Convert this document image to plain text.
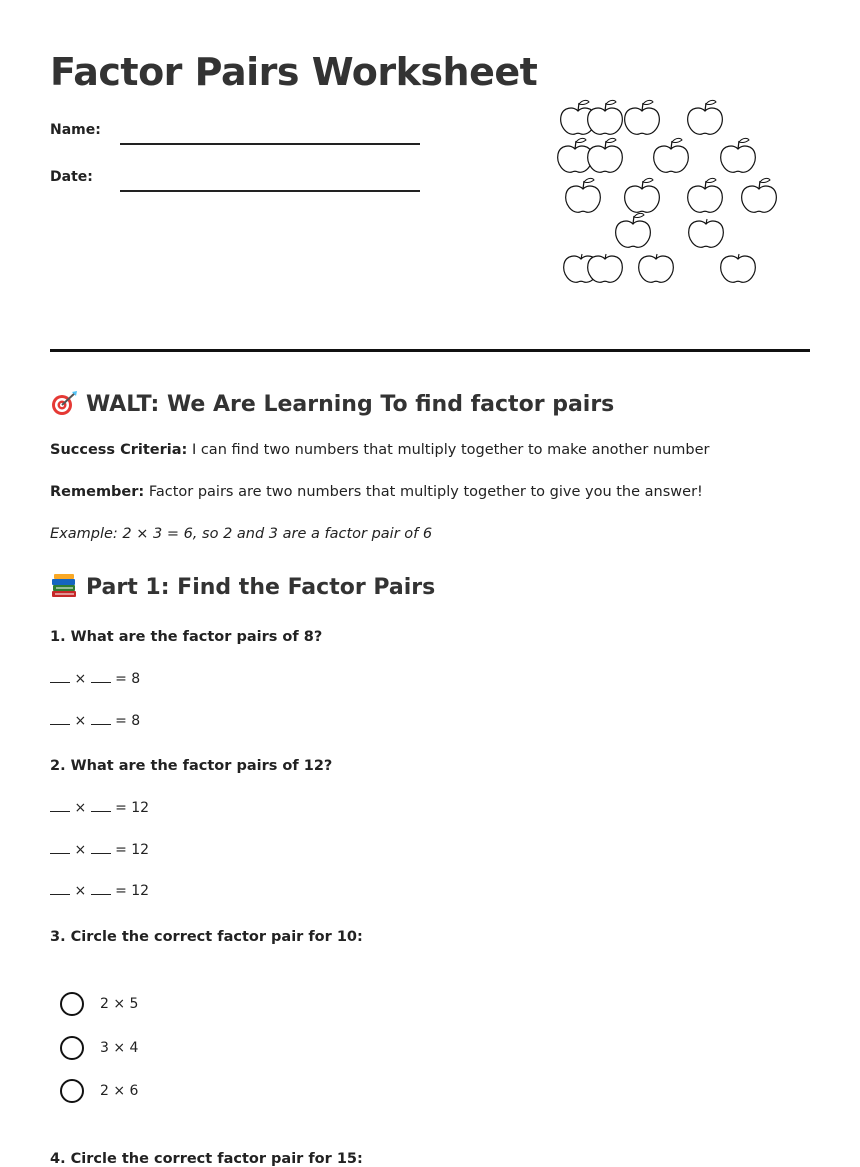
Factor Pairs Worksheet
Name:
Date:
WALT: We Are Learning To find factor pairs
Success Criteria: I can find two numbers that multiply together to make another number
Remember: Factor pairs are two numbers that multiply together to give you the answer!
Example: 2 × 3 = 6, so 2 and 3 are a factor pair of 6
Part 1: Find the Factor Pairs
1. What are the factor pairs of 8?
×  = 8
×  = 8
2. What are the factor pairs of 12?
×  = 12
×  = 12
×  = 12
3. Circle the correct factor pair for 10:
2 × 5
3 × 4
2 × 6
4. Circle the correct factor pair for 15:
